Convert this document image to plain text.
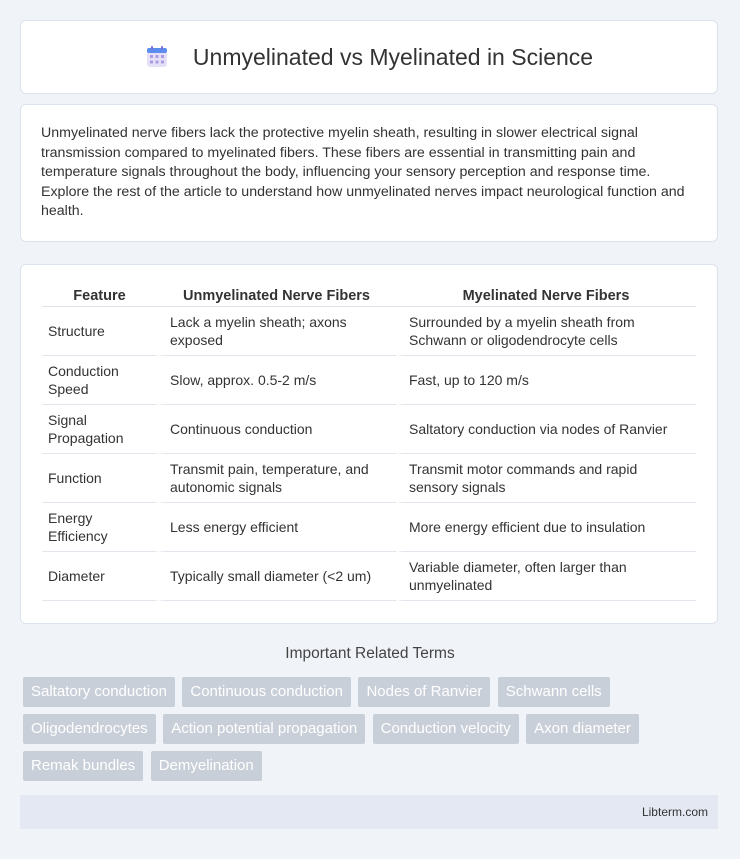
Unmyelinated vs Myelinated in Science
Unmyelinated nerve fibers lack the protective myelin sheath, resulting in slower electrical signal transmission compared to myelinated fibers. These fibers are essential in transmitting pain and temperature signals throughout the body, influencing your sensory perception and response time. Explore the rest of the article to understand how unmyelinated nerves impact neurological function and health.
Feature	Unmyelinated Nerve Fibers	Myelinated Nerve Fibers
Structure	Lack a myelin sheath; axons exposed	Surrounded by a myelin sheath from Schwann or oligodendrocyte cells
Conduction Speed	Slow, approx. 0.5-2 m/s	Fast, up to 120 m/s
Signal Propagation	Continuous conduction	Saltatory conduction via nodes of Ranvier
Function	Transmit pain, temperature, and autonomic signals	Transmit motor commands and rapid sensory signals
Energy Efficiency	Less energy efficient	More energy efficient due to insulation
Diameter	Typically small diameter (<2 um)	Variable diameter, often larger than unmyelinated
Important Related Terms
Saltatory conduction Continuous conduction Nodes of Ranvier Schwann cells Oligodendrocytes Action potential propagation Conduction velocity Axon diameter Remak bundles Demyelination
Libterm.com
